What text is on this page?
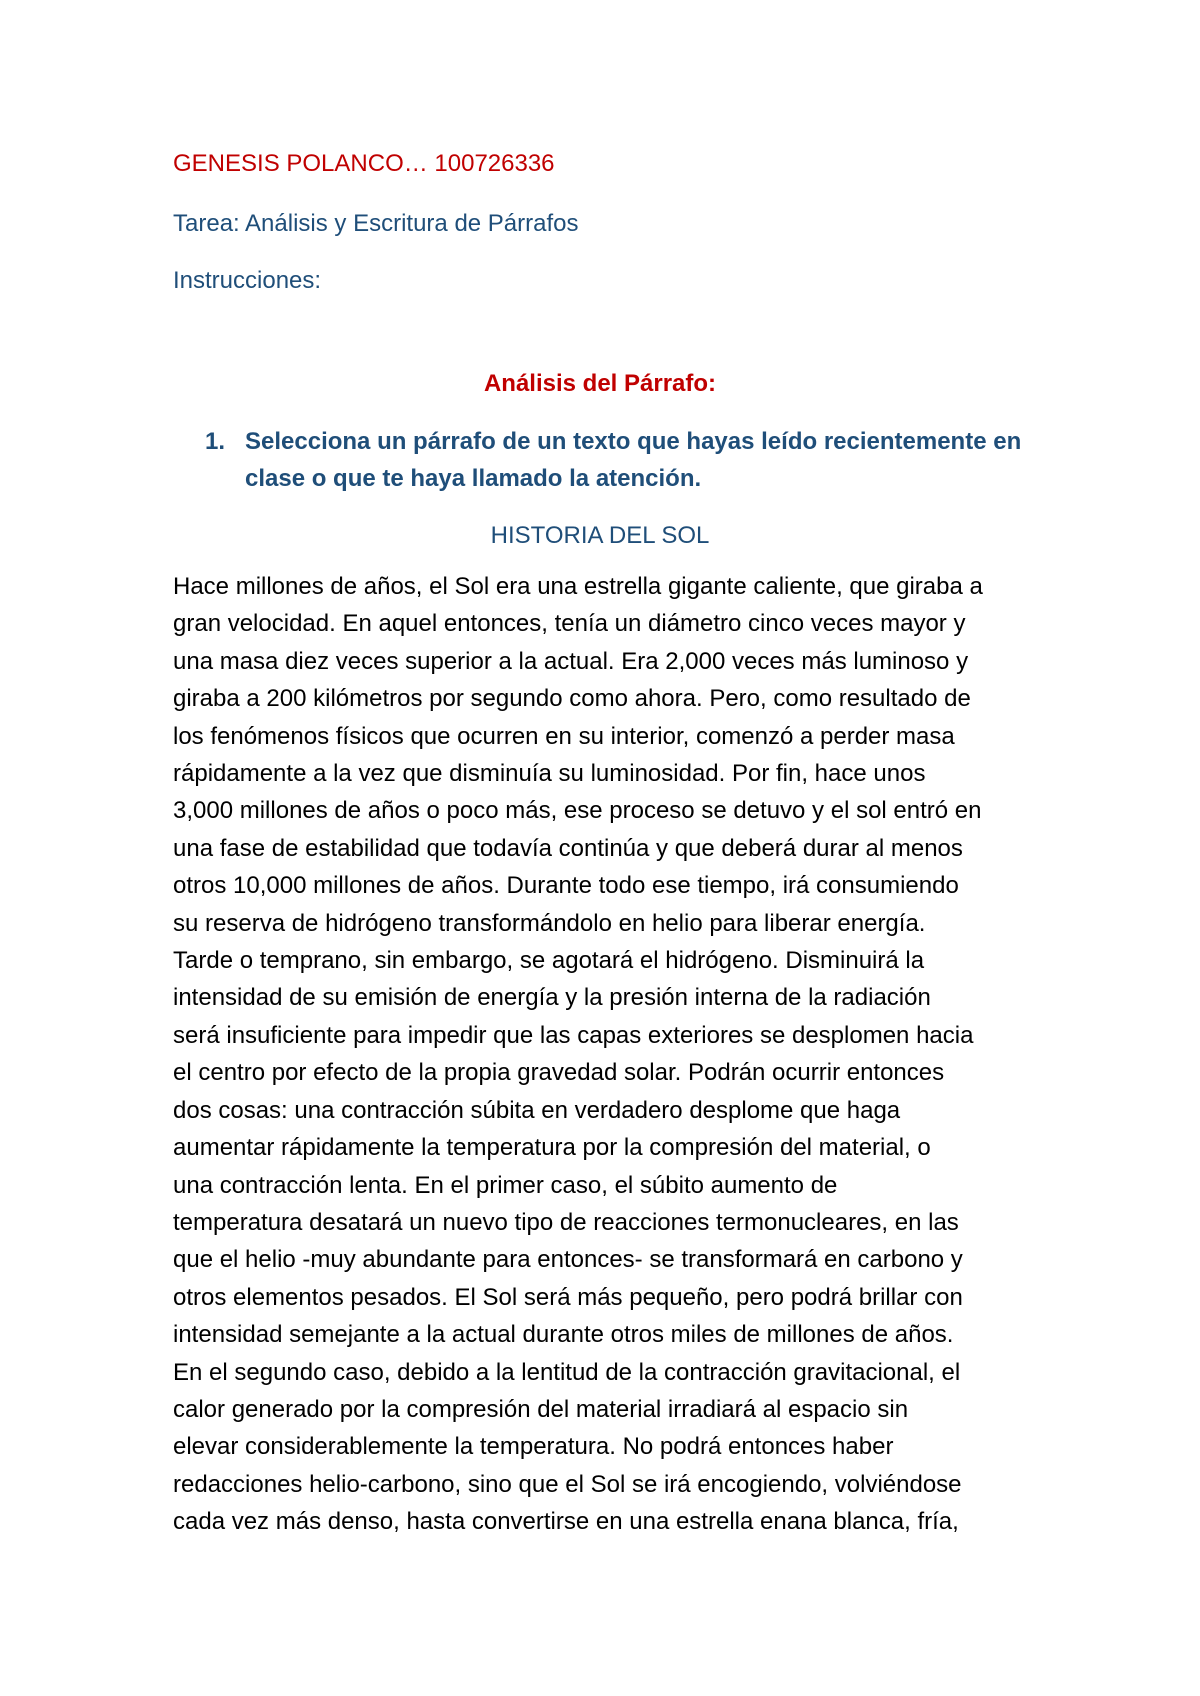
GENESIS POLANCO… 100726336
Tarea: Análisis y Escritura de Párrafos
Instrucciones:
Análisis del Párrafo:
1. Selecciona un párrafo de un texto que hayas leído recientemente en
clase o que te haya llamado la atención.
HISTORIA DEL SOL
Hace millones de años, el Sol era una estrella gigante caliente, que giraba a
gran velocidad. En aquel entonces, tenía un diámetro cinco veces mayor y
una masa diez veces superior a la actual. Era 2,000 veces más luminoso y
giraba a 200 kilómetros por segundo como ahora. Pero, como resultado de
los fenómenos físicos que ocurren en su interior, comenzó a perder masa
rápidamente a la vez que disminuía su luminosidad. Por fin, hace unos
3,000 millones de años o poco más, ese proceso se detuvo y el sol entró en
una fase de estabilidad que todavía continúa y que deberá durar al menos
otros 10,000 millones de años. Durante todo ese tiempo, irá consumiendo
su reserva de hidrógeno transformándolo en helio para liberar energía.
Tarde o temprano, sin embargo, se agotará el hidrógeno. Disminuirá la
intensidad de su emisión de energía y la presión interna de la radiación
será insuficiente para impedir que las capas exteriores se desplomen hacia
el centro por efecto de la propia gravedad solar. Podrán ocurrir entonces
dos cosas: una contracción súbita en verdadero desplome que haga
aumentar rápidamente la temperatura por la compresión del material, o
una contracción lenta. En el primer caso, el súbito aumento de
temperatura desatará un nuevo tipo de reacciones termonucleares, en las
que el helio -muy abundante para entonces- se transformará en carbono y
otros elementos pesados. El Sol será más pequeño, pero podrá brillar con
intensidad semejante a la actual durante otros miles de millones de años.
En el segundo caso, debido a la lentitud de la contracción gravitacional, el
calor generado por la compresión del material irradiará al espacio sin
elevar considerablemente la temperatura. No podrá entonces haber
redacciones helio-carbono, sino que el Sol se irá encogiendo, volviéndose
cada vez más denso, hasta convertirse en una estrella enana blanca, fría,
